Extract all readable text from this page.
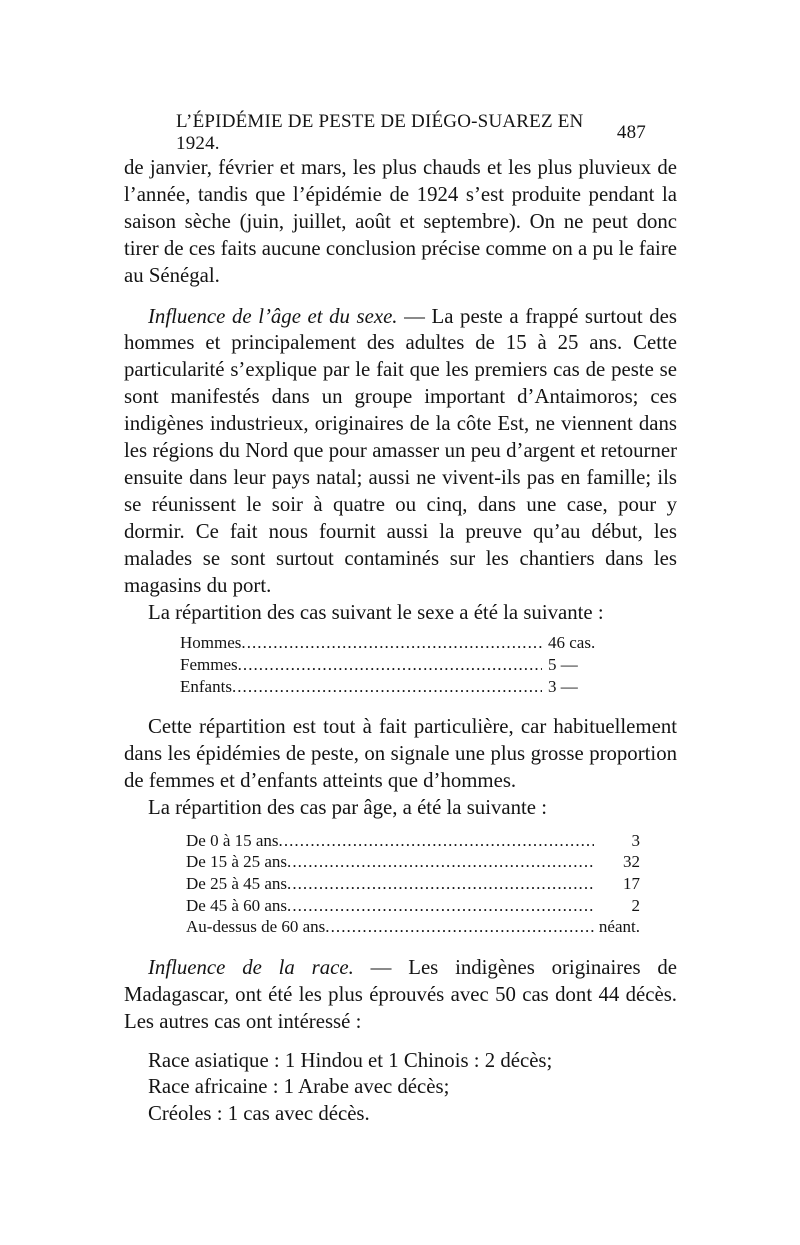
L’ÉPIDÉMIE DE PESTE DE DIÉGO-SUAREZ EN 1924.
487

de janvier, février et mars, les plus chauds et les plus pluvieux de l’année, tandis que l’épidémie de 1924 s’est produite pendant la saison sèche (juin, juillet, août et septembre). On ne peut donc tirer de ces faits aucune conclusion précise comme on a pu le faire au Sénégal.

Influence de l’âge et du sexe. — La peste a frappé surtout des hommes et principalement des adultes de 15 à 25 ans. Cette particularité s’explique par le fait que les premiers cas de peste se sont manifestés dans un groupe important d’Antaimoros; ces indigènes industrieux, originaires de la côte Est, ne viennent dans les régions du Nord que pour amasser un peu d’argent et retourner ensuite dans leur pays natal; aussi ne vivent-ils pas en famille; ils se réunissent le soir à quatre ou cinq, dans une case, pour y dormir. Ce fait nous fournit aussi la preuve qu’au début, les malades se sont surtout contaminés sur les chantiers dans les magasins du port.

La répartition des cas suivant le sexe a été la suivante :

Hommes . . .	46 cas.
Femmes . . .	5 —
Enfants . . .	3 —

Cette répartition est tout à fait particulière, car habituellement dans les épidémies de peste, on signale une plus grosse proportion de femmes et d’enfants atteints que d’hommes.

La répartition des cas par âge, a été la suivante :

De 0 à 15 ans . . .	3
De 15 à 25 ans . . .	32
De 25 à 45 ans . . .	17
De 45 à 60 ans . . .	2
Au-dessus de 60 ans . . .	néant.

Influence de la race. — Les indigènes originaires de Madagascar, ont été les plus éprouvés avec 50 cas dont 44 décès. Les autres cas ont intéressé :

Race asiatique : 1 Hindou et 1 Chinois : 2 décès;

Race africaine : 1 Arabe avec décès;

Créoles : 1 cas avec décès.
